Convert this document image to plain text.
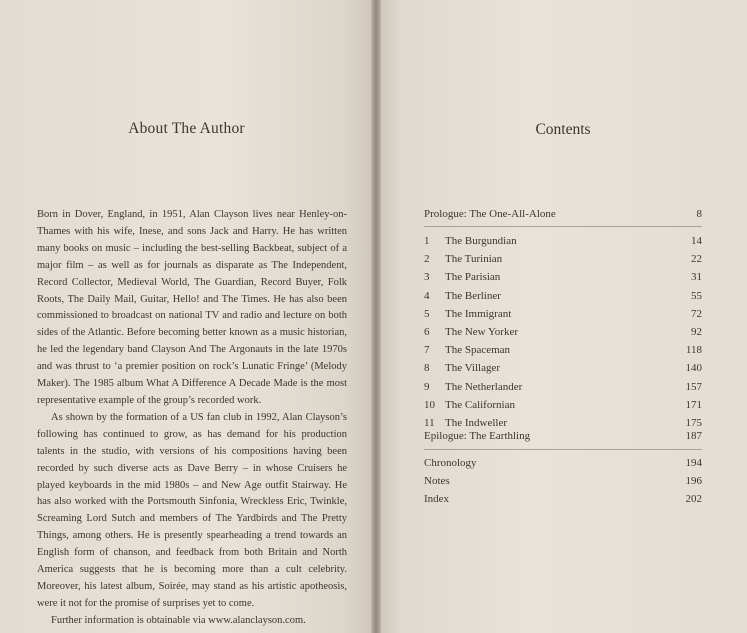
About The Author

Born in Dover, England, in 1951, Alan Clayson lives near Henley-on-Thames with his wife, Inese, and sons Jack and Harry. He has written many books on music – including the best-selling Backbeat, subject of a major film – as well as for journals as disparate as The Independent, Record Collector, Medieval World, The Guardian, Record Buyer, Folk Roots, The Daily Mail, Guitar, Hello! and The Times. He has also been commissioned to broadcast on national TV and radio and lecture on both sides of the Atlantic. Before becoming better known as a music historian, he led the legendary band Clayson And The Argonauts in the late 1970s and was thrust to ‘a premier position on rock’s Lunatic Fringe’ (Melody Maker). The 1985 album What A Difference A Decade Made is the most representative example of the group’s recorded work.

As shown by the formation of a US fan club in 1992, Alan Clayson’s following has continued to grow, as has demand for his production talents in the studio, with versions of his compositions having been recorded by such diverse acts as Dave Berry – in whose Cruisers he played keyboards in the mid 1980s – and New Age outfit Stairway. He has also worked with the Portsmouth Sinfonia, Wreckless Eric, Twinkle, Screaming Lord Sutch and members of The Yardbirds and The Pretty Things, among others. He is presently spearheading a trend towards an English form of chanson, and feedback from both Britain and North America suggests that he is becoming more than a cult celebrity. Moreover, his latest album, Soirée, may stand as his artistic apotheosis, were it not for the promise of surprises yet to come.

Further information is obtainable via www.alanclayson.com.

Contents
Prologue: The One-All-Alone	8
1 The Burgundian	14
2 The Turinian	22
3 The Parisian	31
4 The Berliner	55
5 The Immigrant	72
6 The New Yorker	92
7 The Spaceman	118
8 The Villager	140
9 The Netherlander	157
10 The Californian	171
11 The Indweller	175
Epilogue: The Earthling	187
Chronology	194
Notes	196
Index	202
